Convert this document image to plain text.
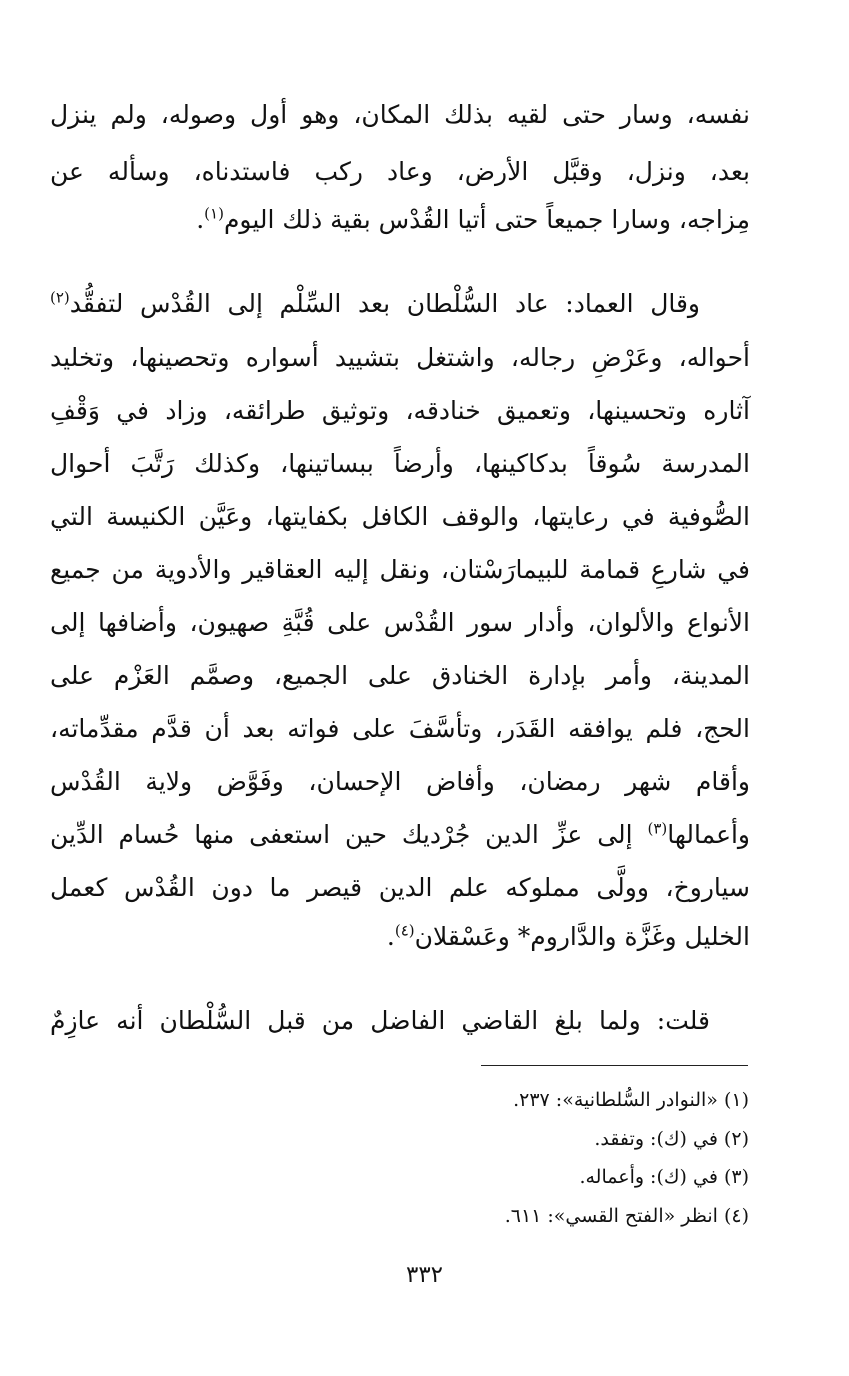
نفسه، وسار حتى لقيه بذلك المكان، وهو أول وصوله، ولم ينزل
بعد، ونزل، وقبَّل الأرض، وعاد ركب فاستدناه، وسأله عن
مِزاجه، وسارا جميعاً حتى أتيا القُدْس بقية ذلك اليوم$^{(١)}$.
وقال العماد: عاد السُّلْطان بعد السِّلْم إلى القُدْس لتفقُّد$^{(٢)}$
أحواله، وعَرْضِ رجاله، واشتغل بتشييد أسواره وتحصينها، وتخليد
آثاره وتحسينها، وتعميق خنادقه، وتوثيق طرائقه، وزاد في وَقْفِ
المدرسة سُوقاً بدكاكينها، وأرضاً ببساتينها، وكذلك رَتَّبَ أحوال
الصُّوفية في رعايتها، والوقف الكافل بكفايتها، وعَيَّن الكنيسة التي
في شارعِ قمامة للبيمارَسْتان، ونقل إليه العقاقير والأدوية من جميع
الأنواع والألوان، وأدار سور القُدْس على قُبَّةِ صهيون، وأضافها إلى
المدينة، وأمر بإدارة الخنادق على الجميع، وصمَّم العَزْم على
الحج، فلم يوافقه القَدَر، وتأسَّفَ على فواته بعد أن قدَّم مقدِّماته،
وأقام شهر رمضان، وأفاض الإحسان، وفَوَّض ولاية القُدْس
وأعمالها$^{(٣)}$ إلى عزِّ الدين جُرْديك حين استعفى منها حُسام الدِّين
سياروخ، وولَّى مملوكه علم الدين قيصر ما دون القُدْس كعمل
الخليل وغَزَّة والدَّاروم* وعَسْقلان$^{(٤)}$.
قلت: ولما بلغ القاضي الفاضل من قبل السُّلْطان أنه عازِمٌ
(١) «النوادر السُّلطانية»: ٢٣٧.
(٢) في (ك): وتفقد.
(٣) في (ك): وأعماله.
(٤) انظر «الفتح القسي»: ٦١١.
٣٣٢
